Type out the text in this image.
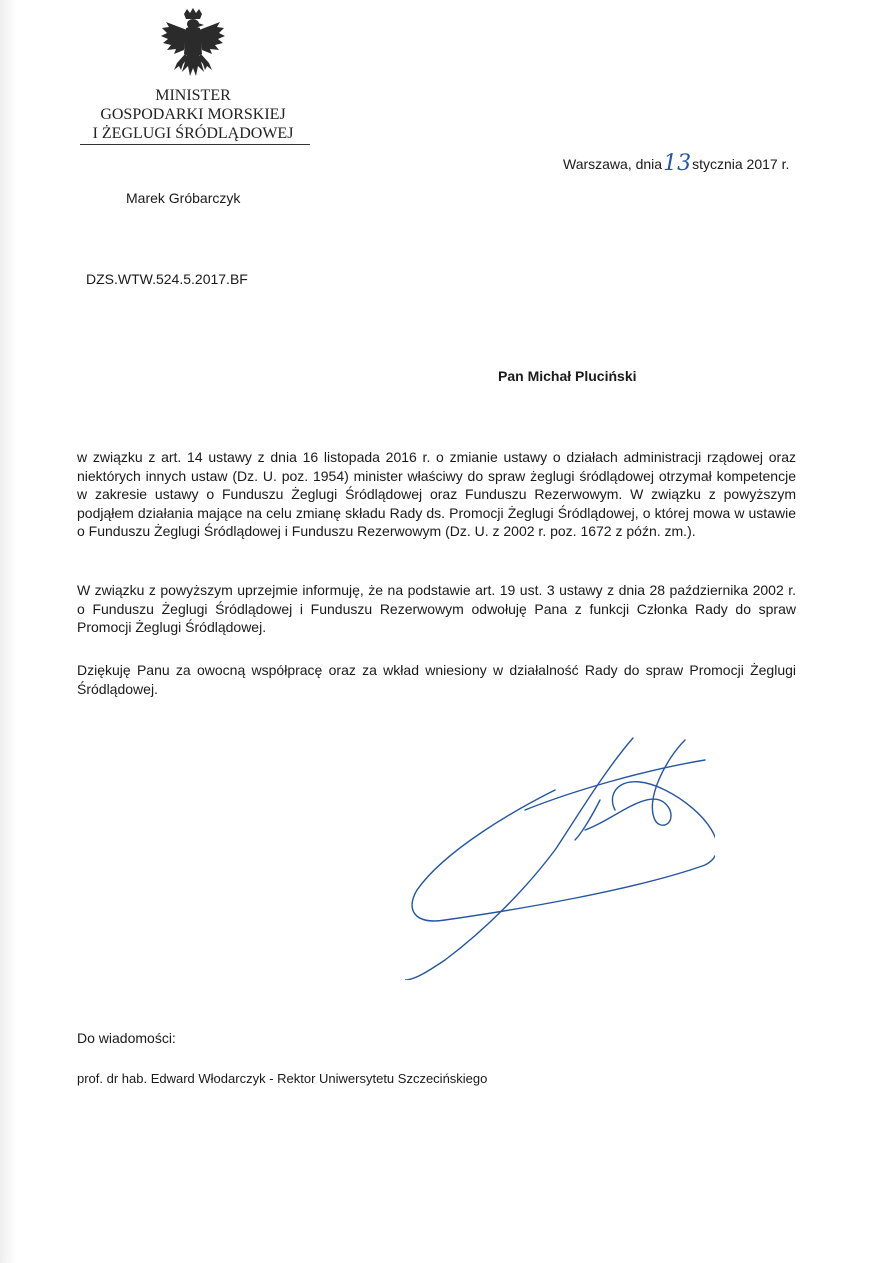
MINISTER
GOSPODARKI MORSKIEJ
I ŻEGLUGI ŚRÓDLĄDOWEJ
Warszawa, dnia13stycznia 2017 r.
Marek Gróbarczyk
DZS.WTW.524.5.2017.BF
Pan Michał Pluciński

w związku z art. 14 ustawy z dnia 16 listopada 2016 r. o zmianie ustawy o działach administracji rządowej oraz niektórych innych ustaw (Dz. U. poz. 1954) minister właściwy do spraw żeglugi śródlądowej otrzymał kompetencje w zakresie ustawy o Funduszu Żeglugi Śródlądowej oraz Funduszu Rezerwowym. W związku z powyższym podjąłem działania mające na celu zmianę składu Rady ds. Promocji Żeglugi Śródlądowej, o której mowa w ustawie o Funduszu Żeglugi Śródlądowej i Funduszu Rezerwowym (Dz. U. z 2002 r. poz. 1672 z późn. zm.).

W związku z powyższym uprzejmie informuję, że na podstawie art. 19 ust. 3 ustawy z dnia 28 października 2002 r. o Funduszu Żeglugi Śródlądowej i Funduszu Rezerwowym odwołuję Pana z funkcji Członka Rady do spraw Promocji Żeglugi Śródlądowej.

Dziękuję Panu za owocną współpracę oraz za wkład wniesiony w działalność Rady do spraw Promocji Żeglugi Śródlądowej.

Do wiadomości:
prof. dr hab. Edward Włodarczyk - Rektor Uniwersytetu Szczecińskiego
